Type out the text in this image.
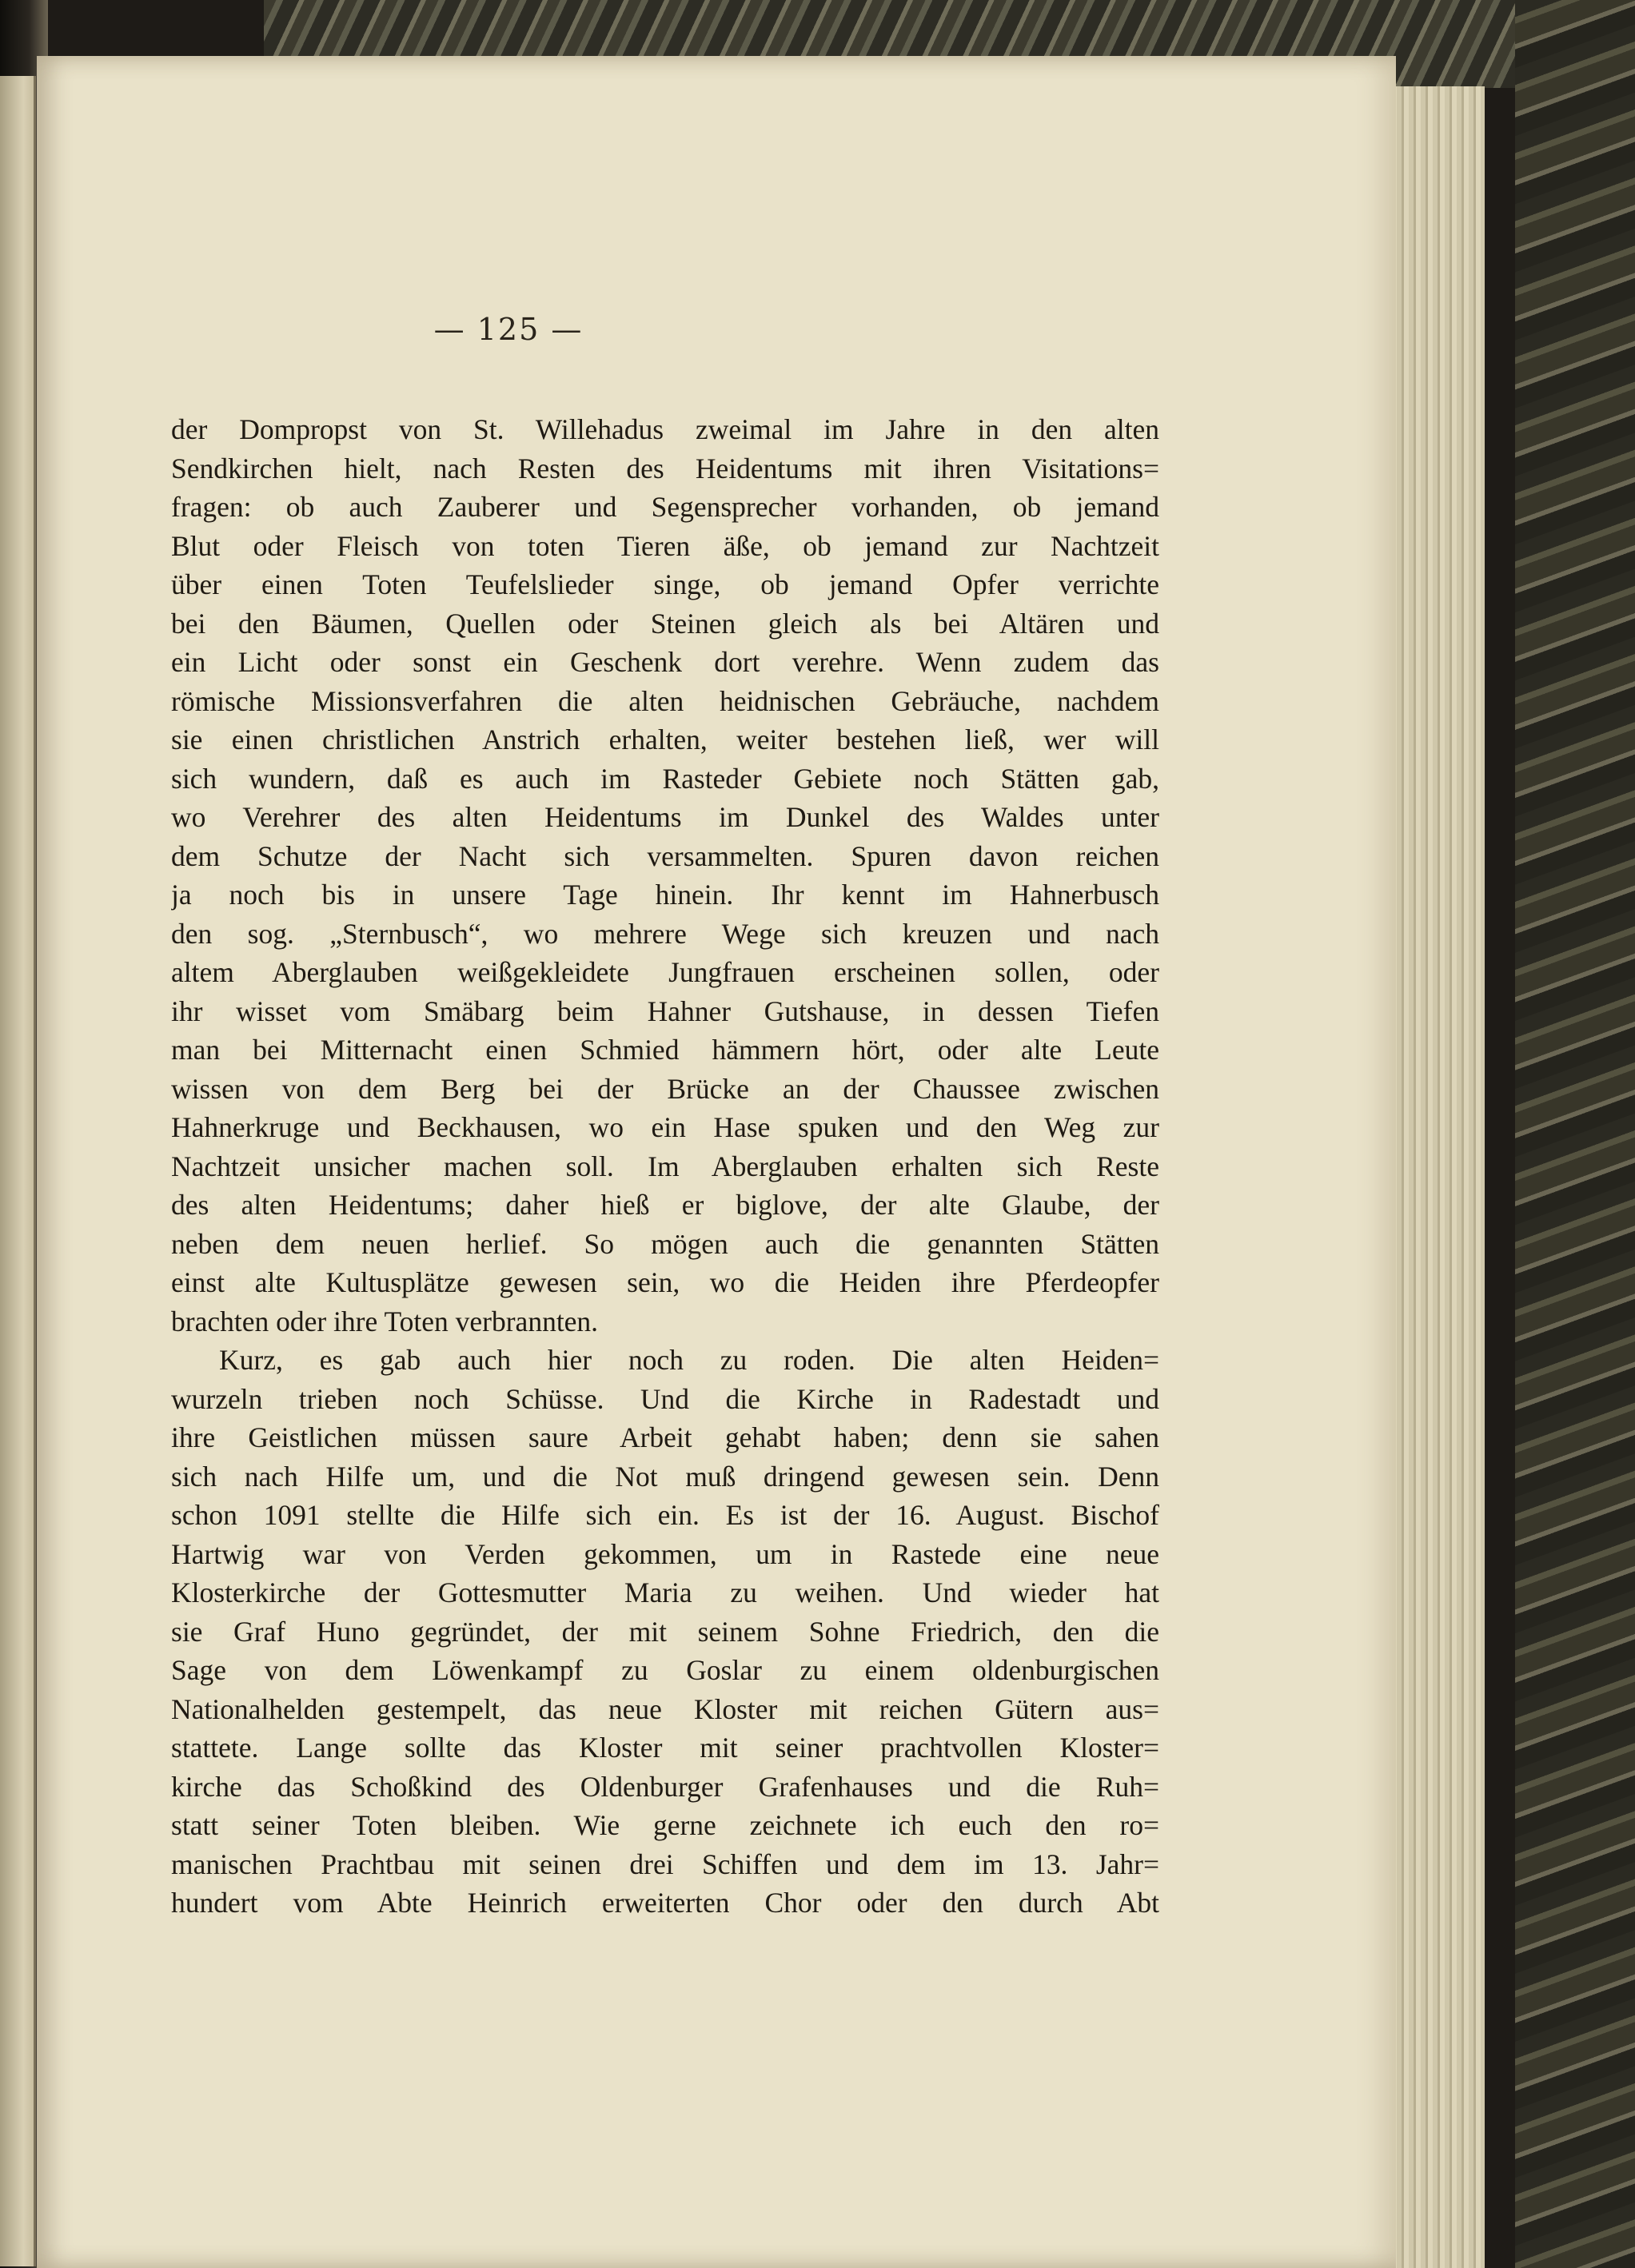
— 125 —
der Dompropst von St. Willehadus zweimal im Jahre in den alten
Sendkirchen hielt, nach Resten des Heidentums mit ihren Visitations=
fragen: ob auch Zauberer und Segensprecher vorhanden, ob jemand
Blut oder Fleisch von toten Tieren äße, ob jemand zur Nachtzeit
über einen Toten Teufelslieder singe, ob jemand Opfer verrichte
bei den Bäumen, Quellen oder Steinen gleich als bei Altären und
ein Licht oder sonst ein Geschenk dort verehre. Wenn zudem das
römische Missionsverfahren die alten heidnischen Gebräuche, nachdem
sie einen christlichen Anstrich erhalten, weiter bestehen ließ, wer will
sich wundern, daß es auch im Rasteder Gebiete noch Stätten gab,
wo Verehrer des alten Heidentums im Dunkel des Waldes unter
dem Schutze der Nacht sich versammelten. Spuren davon reichen
ja noch bis in unsere Tage hinein. Ihr kennt im Hahnerbusch
den sog. „Sternbusch“, wo mehrere Wege sich kreuzen und nach
altem Aberglauben weißgekleidete Jungfrauen erscheinen sollen, oder
ihr wisset vom Smäbarg beim Hahner Gutshause, in dessen Tiefen
man bei Mitternacht einen Schmied hämmern hört, oder alte Leute
wissen von dem Berg bei der Brücke an der Chaussee zwischen
Hahnerkruge und Beckhausen, wo ein Hase spuken und den Weg zur
Nachtzeit unsicher machen soll. Im Aberglauben erhalten sich Reste
des alten Heidentums; daher hieß er biglove, der alte Glaube, der
neben dem neuen herlief. So mögen auch die genannten Stätten
einst alte Kultusplätze gewesen sein, wo die Heiden ihre Pferdeopfer
brachten oder ihre Toten verbrannten.
Kurz, es gab auch hier noch zu roden. Die alten Heiden=
wurzeln trieben noch Schüsse. Und die Kirche in Radestadt und
ihre Geistlichen müssen saure Arbeit gehabt haben; denn sie sahen
sich nach Hilfe um, und die Not muß dringend gewesen sein. Denn
schon 1091 stellte die Hilfe sich ein. Es ist der 16. August. Bischof
Hartwig war von Verden gekommen, um in Rastede eine neue
Klosterkirche der Gottesmutter Maria zu weihen. Und wieder hat
sie Graf Huno gegründet, der mit seinem Sohne Friedrich, den die
Sage von dem Löwenkampf zu Goslar zu einem oldenburgischen
Nationalhelden gestempelt, das neue Kloster mit reichen Gütern aus=
stattete. Lange sollte das Kloster mit seiner prachtvollen Kloster=
kirche das Schoßkind des Oldenburger Grafenhauses und die Ruh=
statt seiner Toten bleiben. Wie gerne zeichnete ich euch den ro=
manischen Prachtbau mit seinen drei Schiffen und dem im 13. Jahr=
hundert vom Abte Heinrich erweiterten Chor oder den durch Abt
